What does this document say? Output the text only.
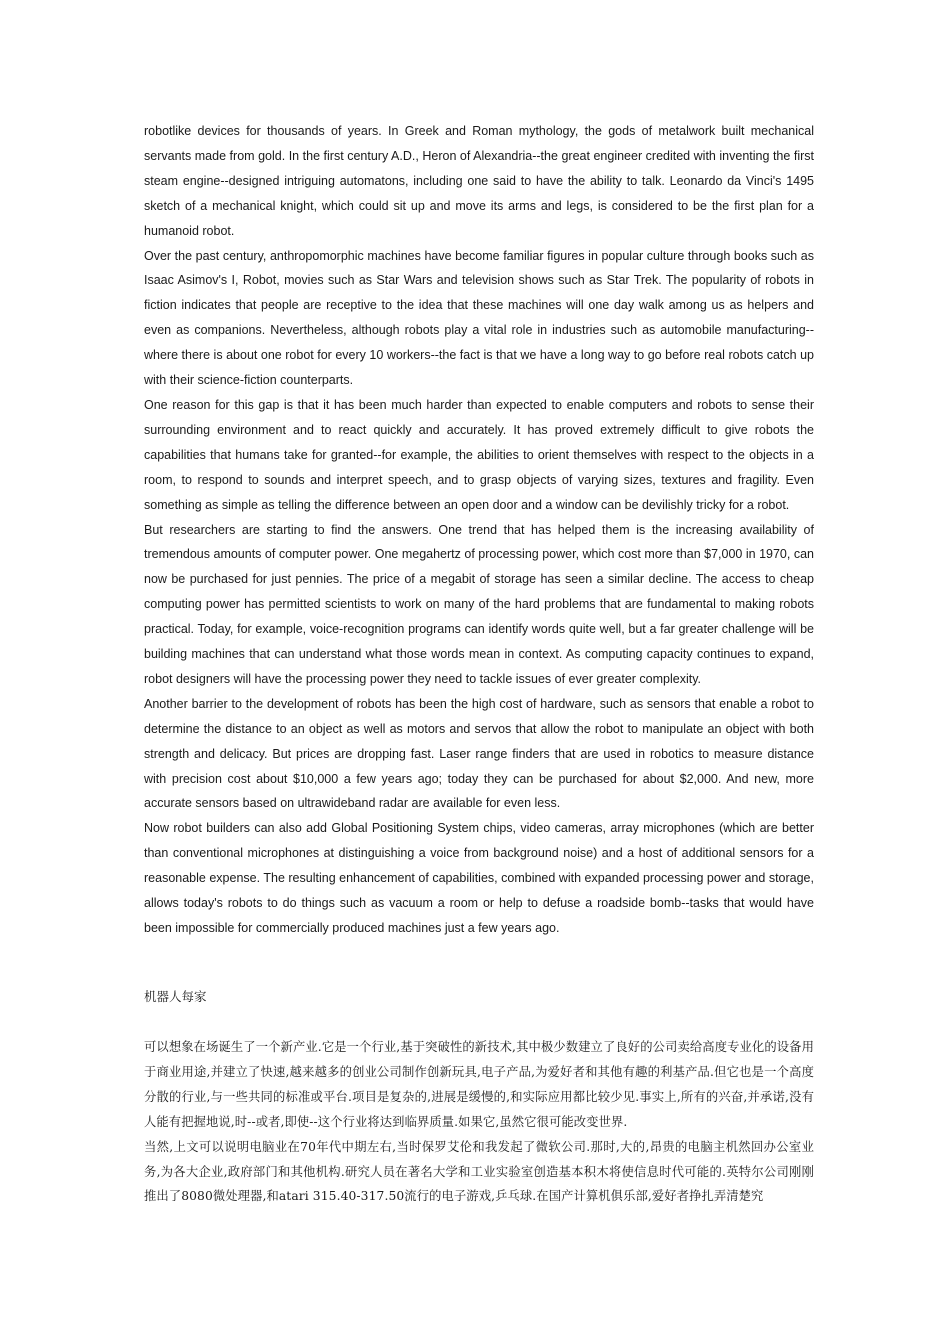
robotlike devices for thousands of years. In Greek and Roman mythology, the gods of metalwork built mechanical servants made from gold. In the first century A.D., Heron of Alexandria--the great engineer credited with inventing the first steam engine--designed intriguing automatons, including one said to have the ability to talk. Leonardo da Vinci's 1495 sketch of a mechanical knight, which could sit up and move its arms and legs, is considered to be the first plan for a humanoid robot.

Over the past century, anthropomorphic machines have become familiar figures in popular culture through books such as Isaac Asimov's I, Robot, movies such as Star Wars and television shows such as Star Trek. The popularity of robots in fiction indicates that people are receptive to the idea that these machines will one day walk among us as helpers and even as companions. Nevertheless, although robots play a vital role in industries such as automobile manufacturing--where there is about one robot for every 10 workers--the fact is that we have a long way to go before real robots catch up with their science-fiction counterparts.

One reason for this gap is that it has been much harder than expected to enable computers and robots to sense their surrounding environment and to react quickly and accurately. It has proved extremely difficult to give robots the capabilities that humans take for granted--for example, the abilities to orient themselves with respect to the objects in a room, to respond to sounds and interpret speech, and to grasp objects of varying sizes, textures and fragility. Even something as simple as telling the difference between an open door and a window can be devilishly tricky for a robot.

But researchers are starting to find the answers. One trend that has helped them is the increasing availability of tremendous amounts of computer power. One megahertz of processing power, which cost more than $7,000 in 1970, can now be purchased for just pennies. The price of a megabit of storage has seen a similar decline. The access to cheap computing power has permitted scientists to work on many of the hard problems that are fundamental to making robots practical. Today, for example, voice-recognition programs can identify words quite well, but a far greater challenge will be building machines that can understand what those words mean in context. As computing capacity continues to expand, robot designers will have the processing power they need to tackle issues of ever greater complexity.

Another barrier to the development of robots has been the high cost of hardware, such as sensors that enable a robot to determine the distance to an object as well as motors and servos that allow the robot to manipulate an object with both strength and delicacy. But prices are dropping fast. Laser range finders that are used in robotics to measure distance with precision cost about $10,000 a few years ago; today they can be purchased for about $2,000. And new, more accurate sensors based on ultrawideband radar are available for even less.

Now robot builders can also add Global Positioning System chips, video cameras, array microphones (which are better than conventional microphones at distinguishing a voice from background noise) and a host of additional sensors for a reasonable expense. The resulting enhancement of capabilities, combined with expanded processing power and storage, allows today's robots to do things such as vacuum a room or help to defuse a roadside bomb--tasks that would have been impossible for commercially produced machines just a few years ago.

机器人每家

可以想象在场诞生了一个新产业.它是一个行业,基于突破性的新技术,其中极少数建立了良好的公司卖给高度专业化的设备用于商业用途,并建立了快速,越来越多的创业公司制作创新玩具,电子产品,为爱好者和其他有趣的利基产品.但它也是一个高度分散的行业,与一些共同的标准或平台.项目是复杂的,进展是缓慢的,和实际应用都比较少见.事实上,所有的兴奋,并承诺,没有人能有把握地说,时--或者,即使--这个行业将达到临界质量.如果它,虽然它很可能改变世界.

当然,上文可以说明电脑业在70年代中期左右,当时保罗艾伦和我发起了微软公司.那时,大的,昂贵的电脑主机然回办公室业务,为各大企业,政府部门和其他机构.研究人员在著名大学和工业实验室创造基本积木将使信息时代可能的.英特尔公司刚刚推出了8080微处理器,和atari 315.40-317.50流行的电子游戏,乒乓球.在国产计算机俱乐部,爱好者挣扎弄清楚究
